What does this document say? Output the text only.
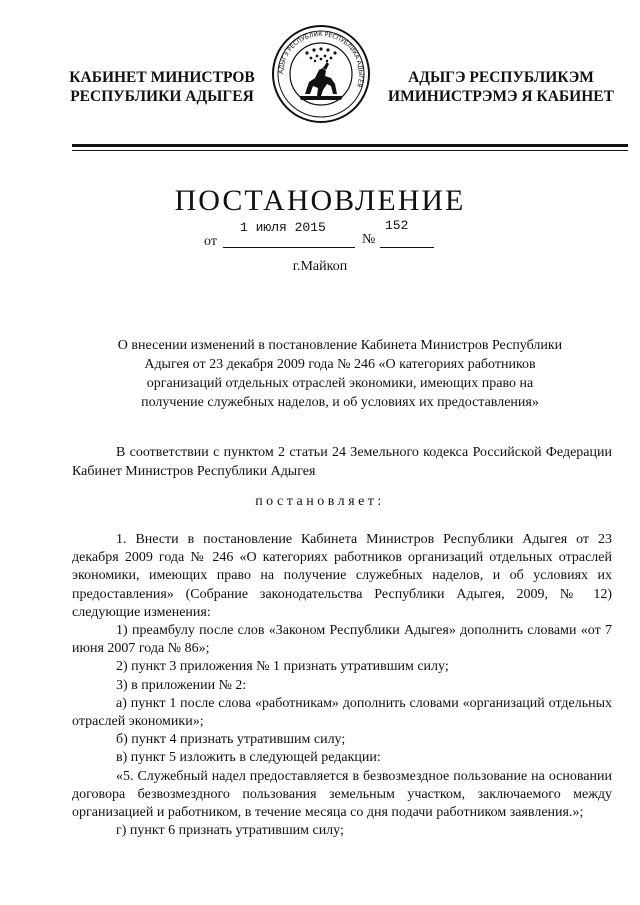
КАБИНЕТ МИНИСТРОВ
РЕСПУБЛИКИ АДЫГЕЯ
АДЫГЭ РЕСПУБЛИК РЕСПУБЛИКА АДЫГЕЯ	АДЫГЭ РЕСПУБЛИКЭМ
ИМИНИСТРЭМЭ Я КАБИНЕТ
ПОСТАНОВЛЕНИЕ
от
1 июля 2015
№
152
г.Майкоп
О внесении изменений в постановление Кабинета Министров Республики
Адыгея от 23 декабря 2009 года № 246 «О категориях работников
организаций отдельных отраслей экономики, имеющих право на
получение служебных наделов, и об условиях их предоставления»

В соответствии с пунктом 2 статьи 24 Земельного кодекса Российской Федерации Кабинет Министров Республики Адыгея

постановляет:

1. Внести в постановление Кабинета Министров Республики Адыгея от 23 декабря 2009 года № 246 «О категориях работников организаций отдельных отраслей экономики, имеющих право на получение служебных наделов, и об условиях их предоставления» (Собрание законодательства Республики Адыгея, 2009, № 12) следующие изменения:

1) преамбулу после слов «Законом Республики Адыгея» дополнить словами «от 7 июня 2007 года № 86»;

2) пункт 3 приложения № 1 признать утратившим силу;

3) в приложении № 2:

а) пункт 1 после слова «работникам» дополнить словами «организаций отдельных отраслей экономики»;

б) пункт 4 признать утратившим силу;

в) пункт 5 изложить в следующей редакции:

«5. Служебный надел предоставляется в безвозмездное пользование на основании договора безвозмездного пользования земельным участком, заключаемого между организацией и работником, в течение месяца со дня подачи работником заявления.»;

г) пункт 6 признать утратившим силу;
